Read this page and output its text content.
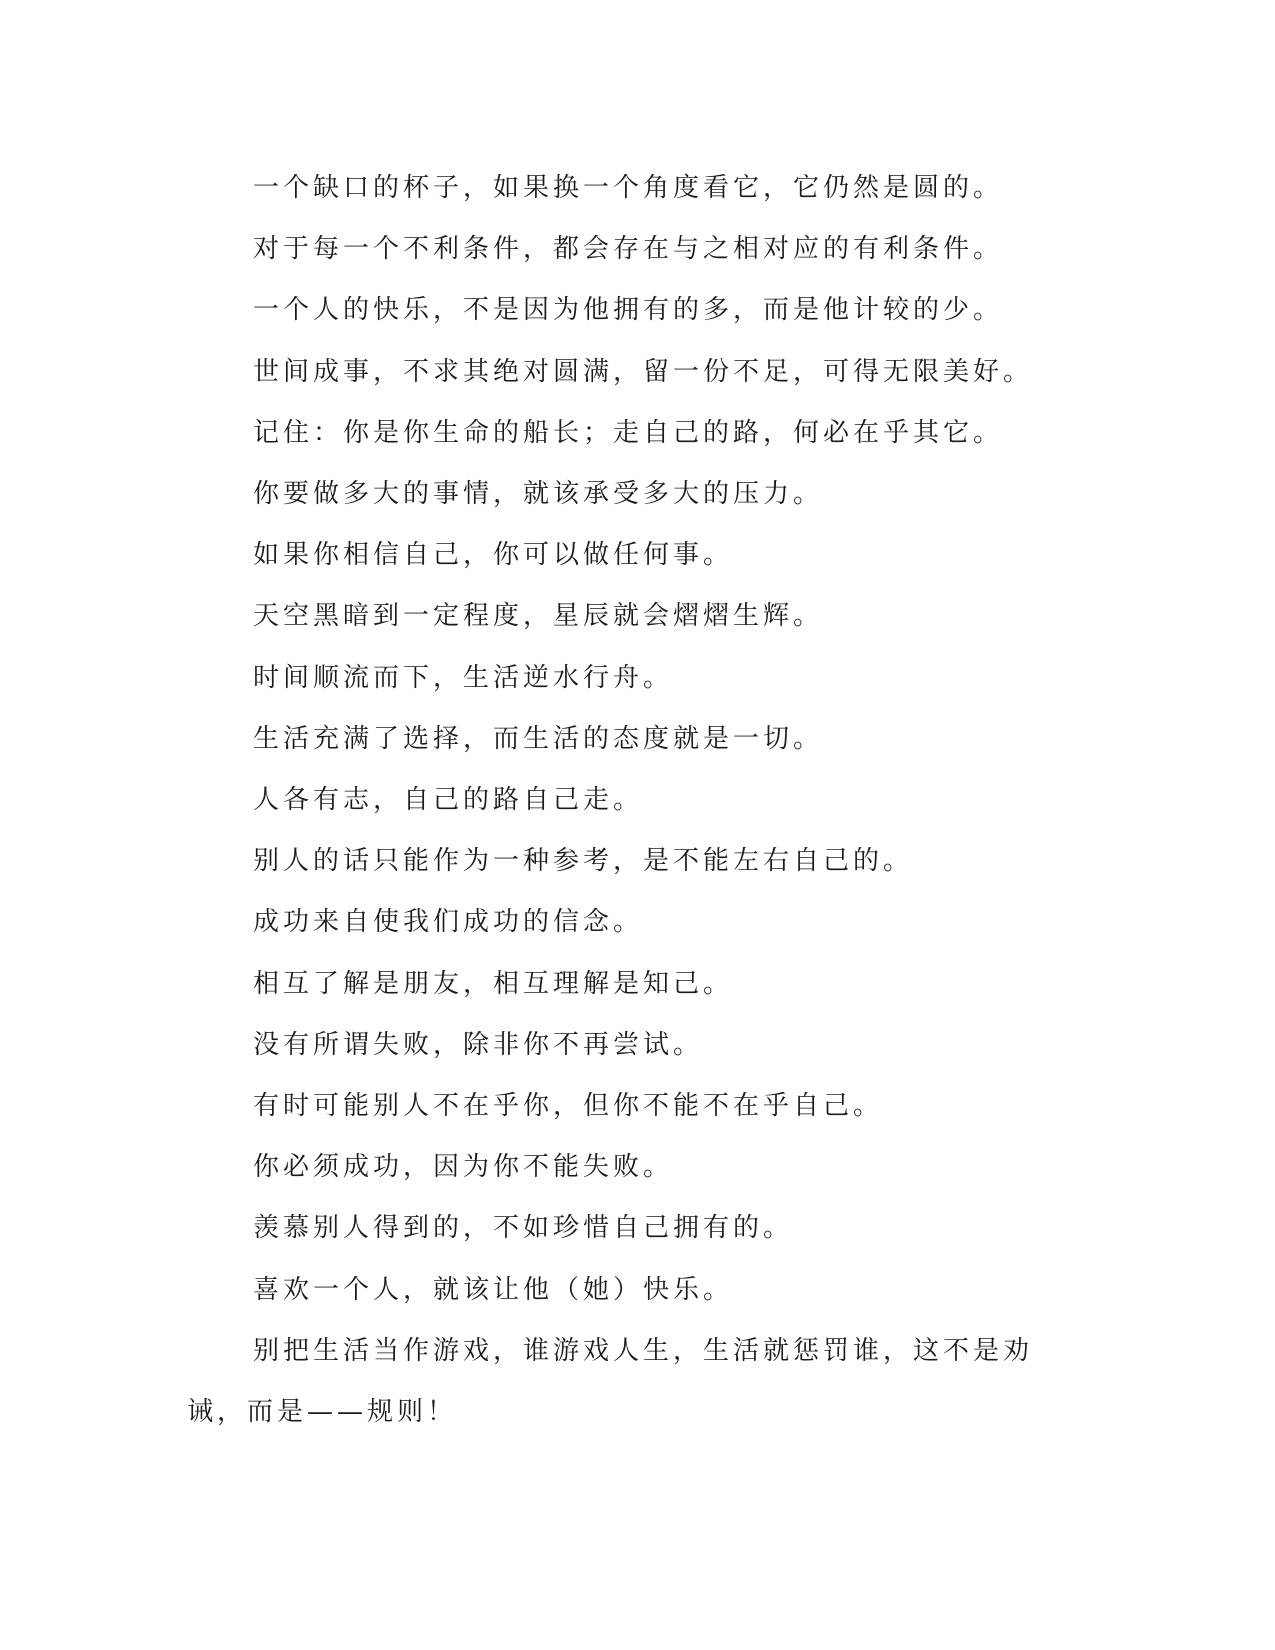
一个缺口的杯子，如果换一个角度看它，它仍然是圆的。

对于每一个不利条件，都会存在与之相对应的有利条件。

一个人的快乐，不是因为他拥有的多，而是他计较的少。

世间成事，不求其绝对圆满，留一份不足，可得无限美好。

记住：你是你生命的船长；走自己的路，何必在乎其它。

你要做多大的事情，就该承受多大的压力。

如果你相信自己，你可以做任何事。

天空黑暗到一定程度，星辰就会熠熠生辉。

时间顺流而下，生活逆水行舟。

生活充满了选择，而生活的态度就是一切。

人各有志，自己的路自己走。

别人的话只能作为一种参考，是不能左右自己的。

成功来自使我们成功的信念。

相互了解是朋友，相互理解是知己。

没有所谓失败，除非你不再尝试。

有时可能别人不在乎你，但你不能不在乎自己。

你必须成功，因为你不能失败。

羡慕别人得到的，不如珍惜自己拥有的。

喜欢一个人，就该让他（她）快乐。

别把生活当作游戏，谁游戏人生，生活就惩罚谁，这不是劝诫，而是——规则！
